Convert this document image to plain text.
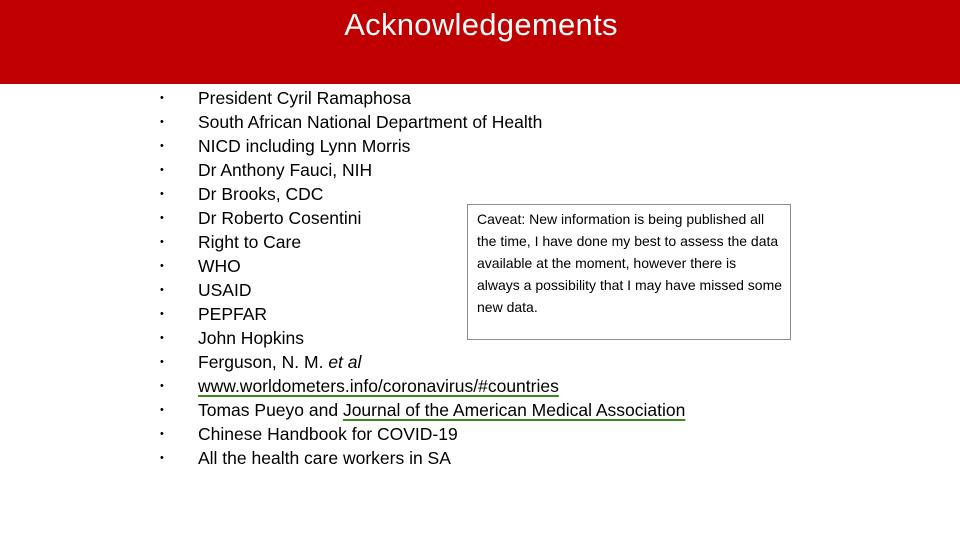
Acknowledgements
•	President Cyril Ramaphosa
•	South African National Department of Health
•	NICD including Lynn Morris
•	Dr Anthony Fauci, NIH
•	Dr Brooks, CDC
•	Dr Roberto Cosentini
•	Right to Care
•	WHO
•	USAID
•	PEPFAR
•	John Hopkins
•	Ferguson, N. M. et al
•	www.worldometers.info/coronavirus/#countries
•	Tomas Pueyo and Journal of the American Medical Association
•	Chinese Handbook for COVID-19
•	All the health care workers in SA
Caveat: New information is being published all the time, I have done my best to assess the data available at the moment, however there is always a possibility that I may have missed some new data.
